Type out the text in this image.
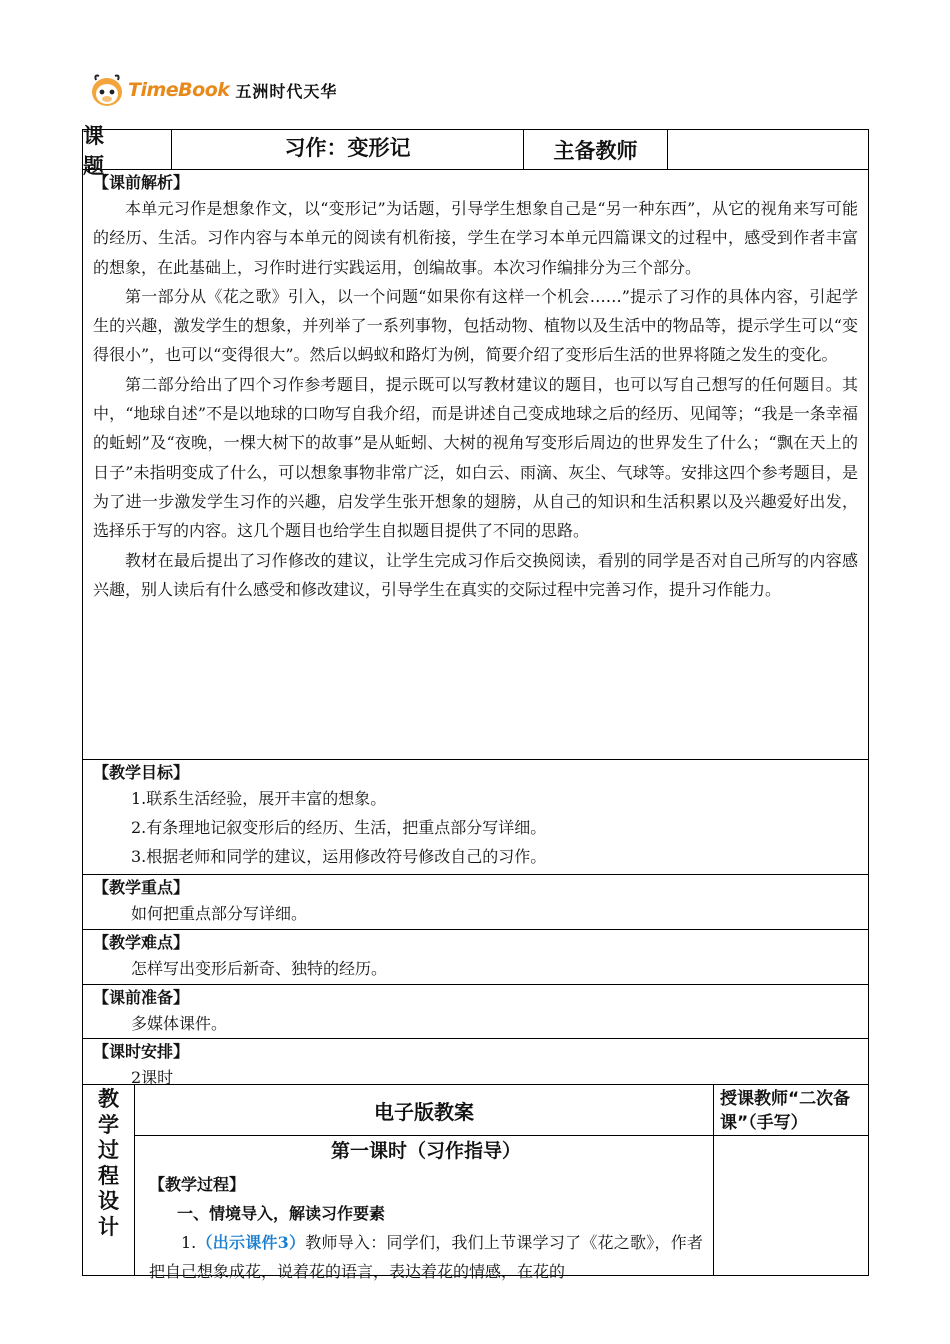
TimeBook 五洲时代天华
课 题
习作：变形记	主备教师
【课前解析】

本单元习作是想象作文，以“变形记”为话题，引导学生想象自己是“另一种东西”，从它的视角来写可能的经历、生活。习作内容与本单元的阅读有机衔接，学生在学习本单元四篇课文的过程中，感受到作者丰富的想象，在此基础上，习作时进行实践运用，创编故事。本次习作编排分为三个部分。

第一部分从《花之歌》引入，以一个问题“如果你有这样一个机会……”提示了习作的具体内容，引起学生的兴趣，激发学生的想象，并列举了一系列事物，包括动物、植物以及生活中的物品等，提示学生可以“变得很小”，也可以“变得很大”。然后以蚂蚁和路灯为例，简要介绍了变形后生活的世界将随之发生的变化。

第二部分给出了四个习作参考题目，提示既可以写教材建议的题目，也可以写自己想写的任何题目。其中，“地球自述”不是以地球的口吻写自我介绍，而是讲述自己变成地球之后的经历、见闻等；“我是一条幸福的蚯蚓”及“夜晚，一棵大树下的故事”是从蚯蚓、大树的视角写变形后周边的世界发生了什么；“飘在天上的日子”未指明变成了什么，可以想象事物非常广泛，如白云、雨滴、灰尘、气球等。安排这四个参考题目，是为了进一步激发学生习作的兴趣，启发学生张开想象的翅膀，从自己的知识和生活积累以及兴趣爱好出发，选择乐于写的内容。这几个题目也给学生自拟题目提供了不同的思路。

教材在最后提出了习作修改的建议，让学生完成习作后交换阅读，看别的同学是否对自己所写的内容感兴趣，别人读后有什么感受和修改建议，引导学生在真实的交际过程中完善习作，提升习作能力。

【教学目标】
1.联系生活经验，展开丰富的想象。
2.有条理地记叙变形后的经历、生活，把重点部分写详细。
3.根据老师和同学的建议，运用修改符号修改自己的习作。
【教学重点】
如何把重点部分写详细。
【教学难点】
怎样写出变形后新奇、独特的经历。
【课前准备】
多媒体课件。
【课时安排】
2课时
教
学
过
程
设
计
电子版教案
第一课时（习作指导）
【教学过程】
一、情境导入，解读习作要素

1.（出示课件3）教师导入：同学们，我们上节课学习了《花之歌》，作者把自己想象成花，说着花的语言，表达着花的情感，在花的

授课教师“二次备课”（手写）
